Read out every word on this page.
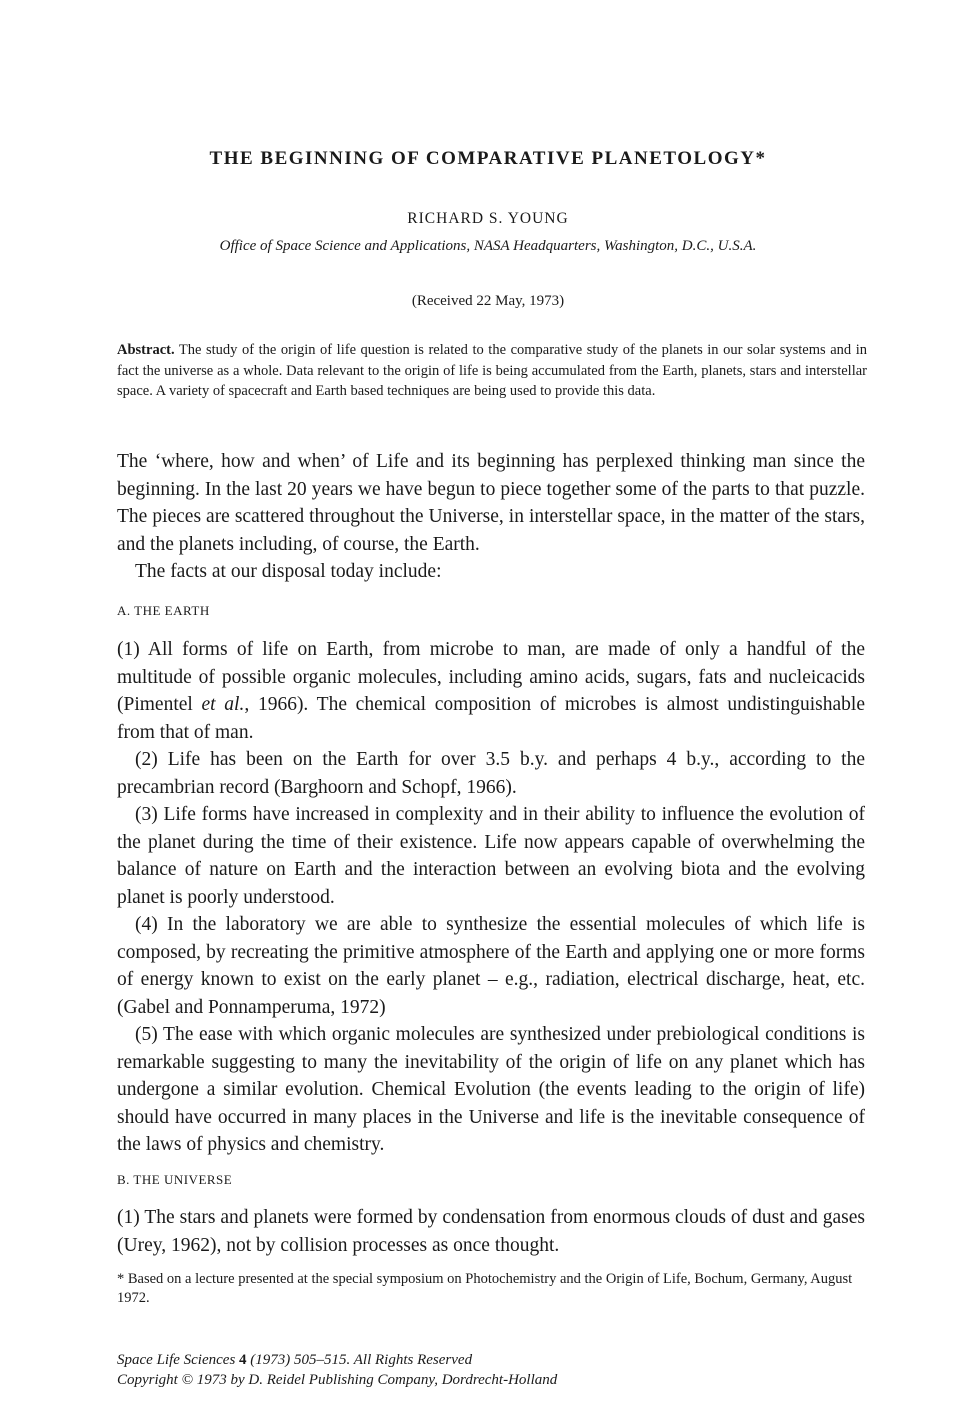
THE BEGINNING OF COMPARATIVE PLANETOLOGY*
RICHARD S. YOUNG
Office of Space Science and Applications, NASA Headquarters, Washington, D.C., U.S.A.
(Received 22 May, 1973)
Abstract. The study of the origin of life question is related to the comparative study of the planets in our solar systems and in fact the universe as a whole. Data relevant to the origin of life is being accumulated from the Earth, planets, stars and interstellar space. A variety of spacecraft and Earth based techniques are being used to provide this data.

The ‘where, how and when’ of Life and its beginning has perplexed thinking man since the beginning. In the last 20 years we have begun to piece together some of the parts to that puzzle. The pieces are scattered throughout the Universe, in interstellar space, in the matter of the stars, and the planets including, of course, the Earth.

The facts at our disposal today include:

A. THE EARTH

(1) All forms of life on Earth, from microbe to man, are made of only a handful of the multitude of possible organic molecules, including amino acids, sugars, fats and nucleicacids (Pimentel et al., 1966). The chemical composition of microbes is almost undistinguishable from that of man.

(2) Life has been on the Earth for over 3.5 b.y. and perhaps 4 b.y., according to the precambrian record (Barghoorn and Schopf, 1966).

(3) Life forms have increased in complexity and in their ability to influence the evolution of the planet during the time of their existence. Life now appears capable of overwhelming the balance of nature on Earth and the interaction between an evolving biota and the evolving planet is poorly understood.

(4) In the laboratory we are able to synthesize the essential molecules of which life is composed, by recreating the primitive atmosphere of the Earth and applying one or more forms of energy known to exist on the early planet – e.g., radiation, electrical discharge, heat, etc. (Gabel and Ponnamperuma, 1972)

(5) The ease with which organic molecules are synthesized under prebiological conditions is remarkable suggesting to many the inevitability of the origin of life on any planet which has undergone a similar evolution. Chemical Evolution (the events leading to the origin of life) should have occurred in many places in the Universe and life is the inevitable consequence of the laws of physics and chemistry.

B. THE UNIVERSE

(1) The stars and planets were formed by condensation from enormous clouds of dust and gases (Urey, 1962), not by collision processes as once thought.

* Based on a lecture presented at the special symposium on Photochemistry and the Origin of Life, Bochum, Germany, August 1972.
Space Life Sciences 4 (1973) 505–515. All Rights Reserved
Copyright © 1973 by D. Reidel Publishing Company, Dordrecht-Holland
